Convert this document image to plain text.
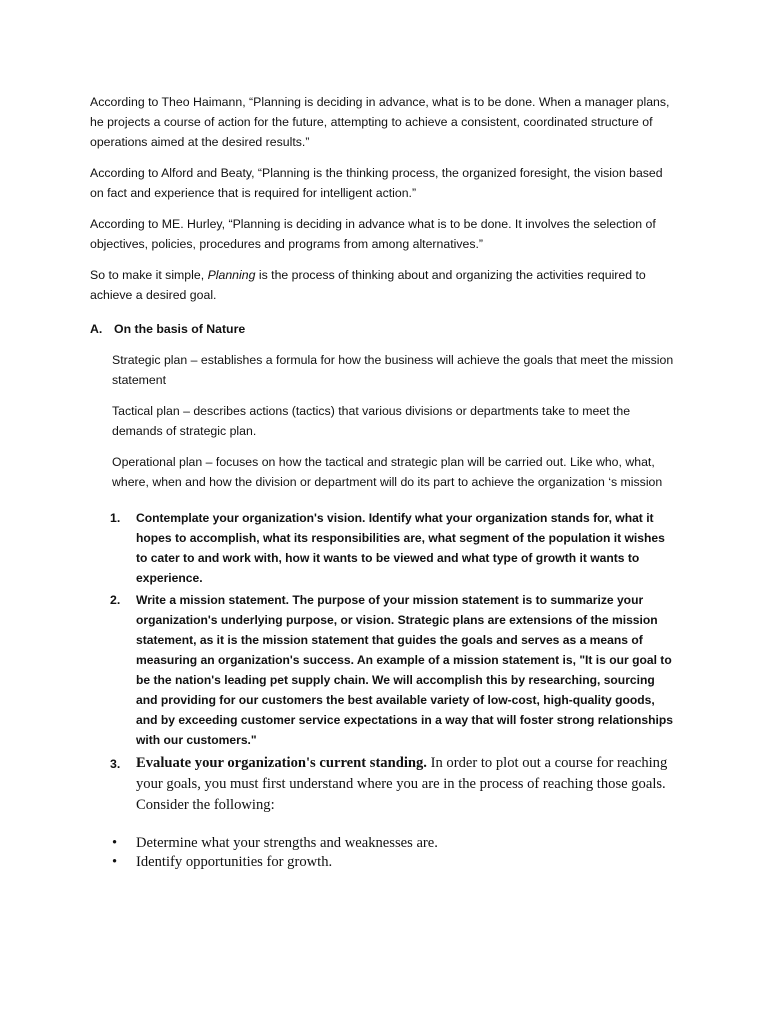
According to Theo Haimann, “Planning is deciding in advance, what is to be done. When a manager plans, he projects a course of action for the future, attempting to achieve a consistent, coordinated structure of operations aimed at the desired results.”

According to Alford and Beaty, “Planning is the thinking process, the organized foresight, the vision based on fact and experience that is required for intelligent action.”

According to ME. Hurley, “Planning is deciding in advance what is to be done. It involves the selection of objectives, policies, procedures and programs from among alternatives.”

So to make it simple, Planning is the process of thinking about and organizing the activities required to achieve a desired goal.

A. On the basis of Nature

Strategic plan – establishes a formula for how the business will achieve the goals that meet the mission statement

Tactical plan – describes actions (tactics) that various divisions or departments take to meet the demands of strategic plan.

Operational plan – focuses on how the tactical and strategic plan will be carried out. Like who, what, where, when and how the division or department will do its part to achieve the organization ‘s mission

1.	Contemplate your organization's vision. Identify what your organization stands for, what it hopes to accomplish, what its responsibilities are, what segment of the population it wishes to cater to and work with, how it wants to be viewed and what type of growth it wants to experience.
2.	Write a mission statement. The purpose of your mission statement is to summarize your organization's underlying purpose, or vision. Strategic plans are extensions of the mission statement, as it is the mission statement that guides the goals and serves as a means of measuring an organization's success. An example of a mission statement is, "It is our goal to be the nation's leading pet supply chain. We will accomplish this by researching, sourcing and providing for our customers the best available variety of low-cost, high-quality goods, and by exceeding customer service expectations in a way that will foster strong relationships with our customers."
3.	Evaluate your organization's current standing. In order to plot out a course for reaching your goals, you must first understand where you are in the process of reaching those goals. Consider the following:
•	Determine what your strengths and weaknesses are.
•	Identify opportunities for growth.
